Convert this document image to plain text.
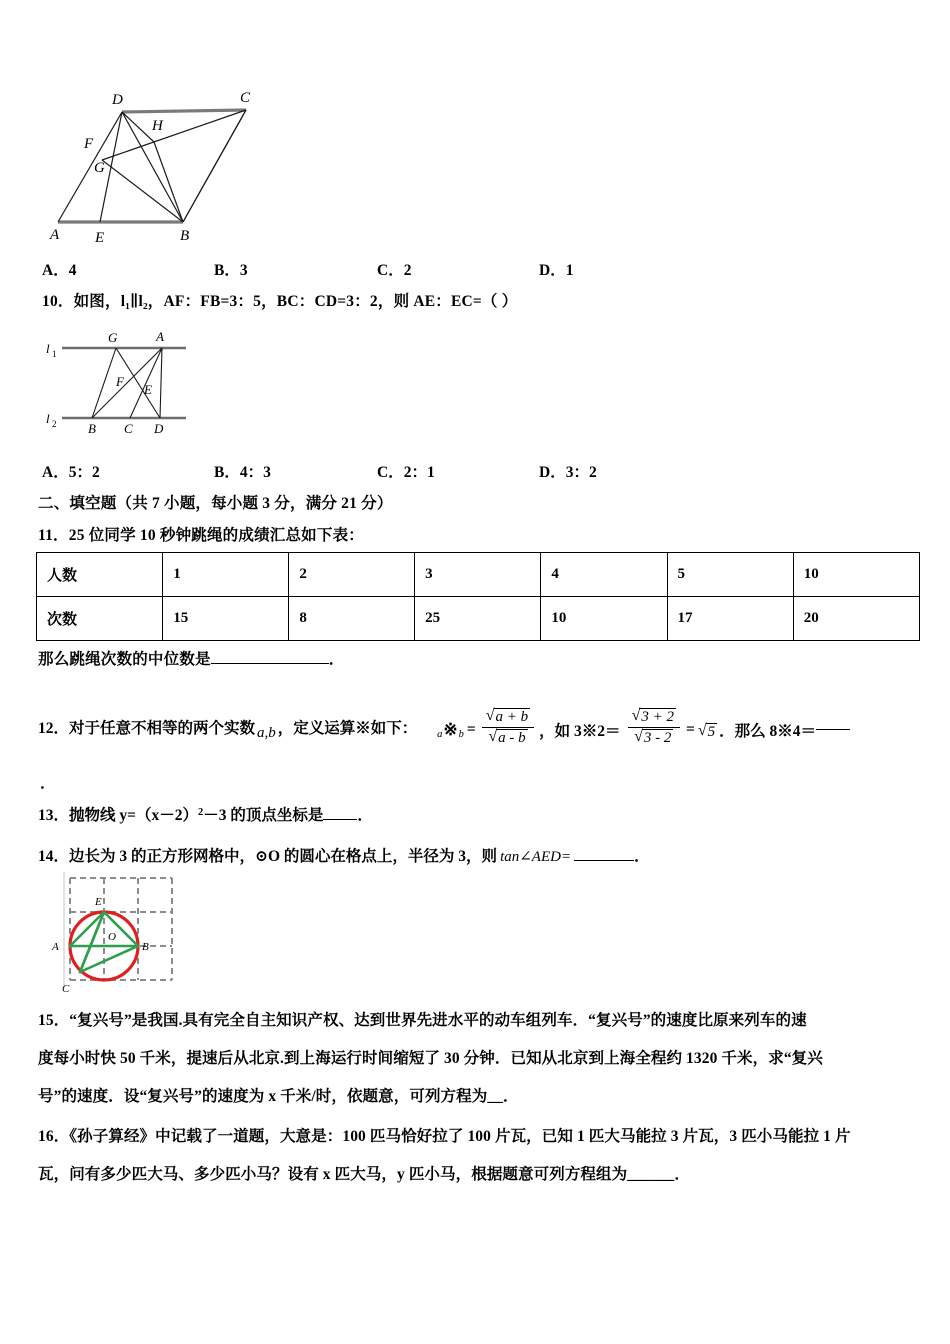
D	C
F
H
G
A E	B
A．4	B．3	C．2	D．1
10．如图，l₁∥l₂，AF：FB=3：5，BC：CD=3：2，则 AE：EC=（ ）
l 1
l 2
G	A
F
E
B C D
A．5：2	B．4：3	C．2：1	D．3：2
二、填空题（共 7 小题，每小题 3 分，满分 21 分）
11．25 位同学 10 秒钟跳绳的成绩汇总如下表：
人数	1	2	3	4	5	10
次数	15	8	25	10	17	20
那么跳绳次数的中位数是	．
12．对于任意不相等的两个实数 a,b ，定义运算※如下： a ※ $b = \frac{√ a + b}{√ a - b}$ ，如 3※2＝ $\frac{√ 3 + 2}{√ 3 - 2}$ = √ 5 ．那么 8※4＝
．
13．抛物线 $y=(x-2)^2-3$ 的顶点坐标是 ．
14．边长为 3 的正方形网格中，⊙O 的圆心在格点上，半径为 3，则 tan∠AED=	．
E
O
A	B
C
15．“复兴号”是我国.具有完全自主知识产权、达到世界先进水平的动车组列车．“复兴号”的速度比原来列车的速
度每小时快 50 千米，提速后从北京.到上海运行时间缩短了 30 分钟．已知从北京到上海全程约 1320 千米，求“复兴
号”的速度．设“复兴号”的速度为 x 千米/时，依题意，可列方程为__．
16．《孙子算经》中记载了一道题，大意是：100 匹马恰好拉了 100 片瓦，已知 1 匹大马能拉 3 片瓦，3 匹小马能拉 1 片
瓦，问有多少匹大马、多少匹小马？设有 x 匹大马，y 匹小马，根据题意可列方程组为______．
